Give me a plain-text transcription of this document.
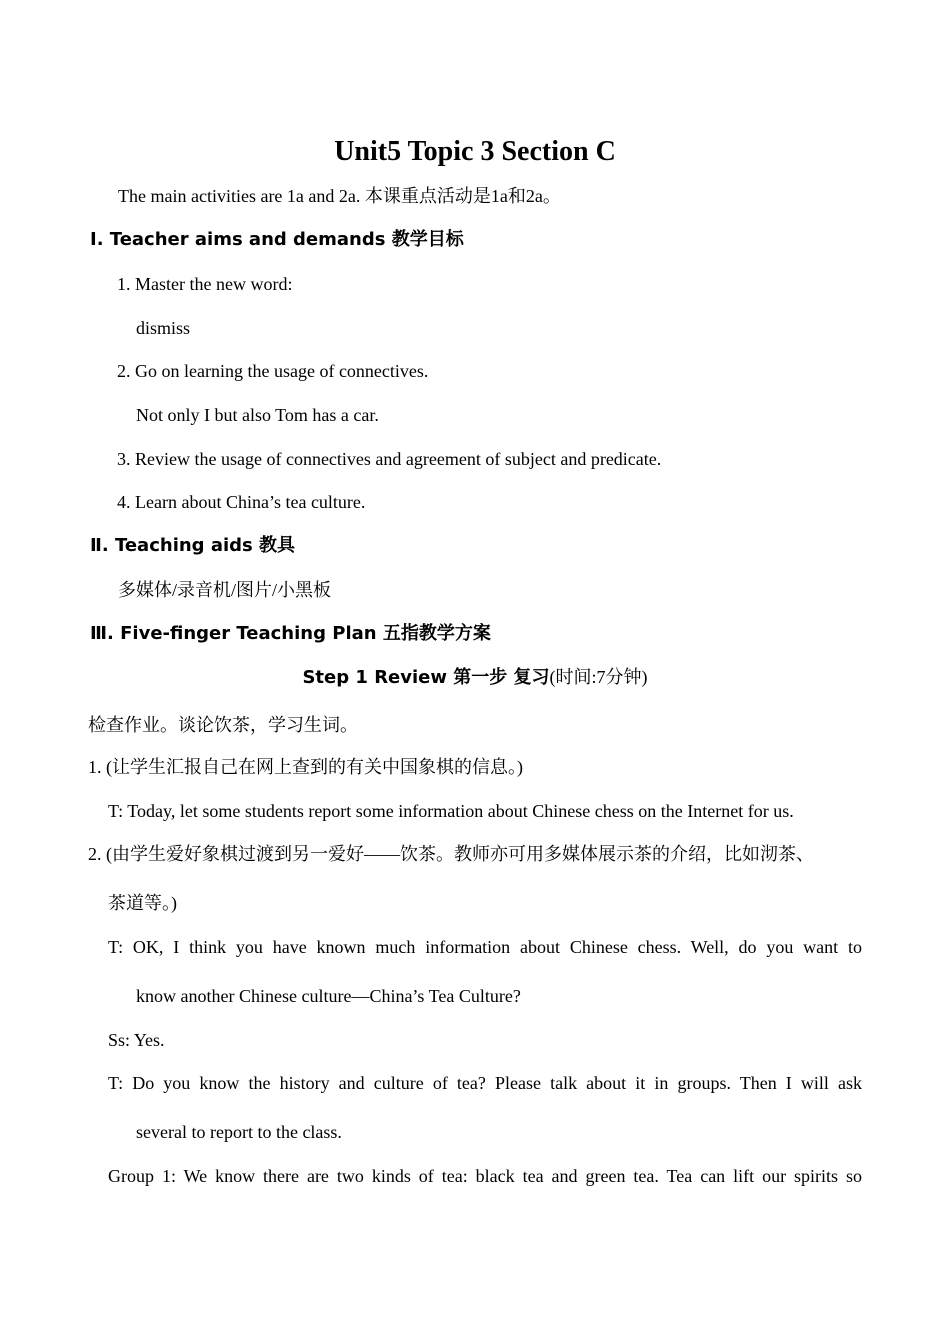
Unit5 Topic 3 Section C
The main activities are 1a and 2a. 本课重点活动是1a和2a。
Ⅰ. Teacher aims and demands 教学目标
1. Master the new word:
dismiss
2. Go on learning the usage of connectives.
Not only I but also Tom has a car.
3. Review the usage of connectives and agreement of subject and predicate.
4. Learn about China’s tea culture.
Ⅱ. Teaching aids 教具
多媒体/录音机/图片/小黑板
Ⅲ. Five-finger Teaching Plan 五指教学方案
Step 1 Review 第一步 复习(时间:7分钟)
检查作业。谈论饮茶，学习生词。
1. (让学生汇报自己在网上查到的有关中国象棋的信息。)
T: Today, let some students report some information about Chinese chess on the Internet for us.
2. (由学生爱好象棋过渡到另一爱好——饮茶。教师亦可用多媒体展示茶的介绍，比如沏茶、
茶道等。)
T: OK, I think you have known much information about Chinese chess. Well, do you want to
know another Chinese culture—China’s Tea Culture?
Ss: Yes.
T: Do you know the history and culture of tea? Please talk about it in groups. Then I will ask
several to report to the class.
Group 1: We know there are two kinds of tea: black tea and green tea. Tea can lift our spirits so
